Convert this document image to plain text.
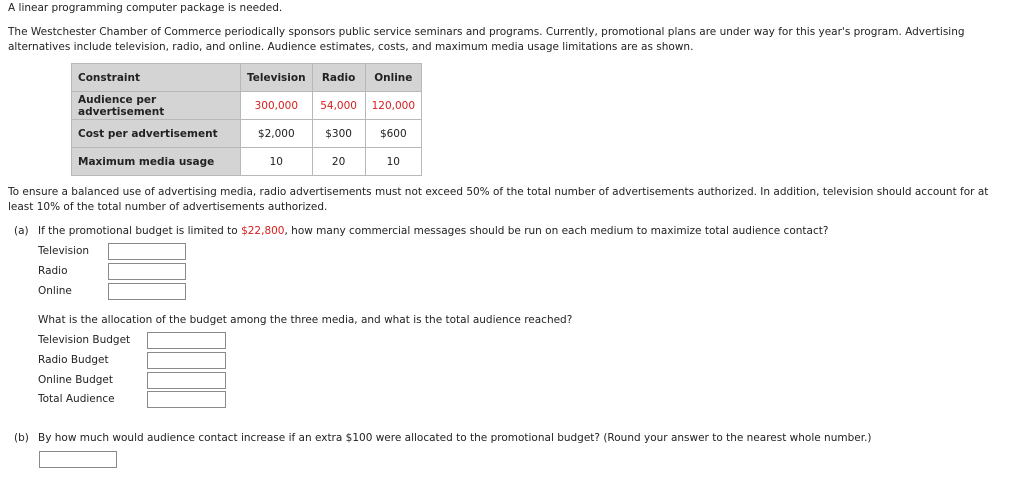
A linear programming computer package is needed.
The Westchester Chamber of Commerce periodically sponsors public service seminars and programs. Currently, promotional plans are under way for this year's program. Advertising alternatives include television, radio, and online. Audience estimates, costs, and maximum media usage limitations are as shown.
Constraint	Television	Radio	Online
Audience per advertisement	300,000	54,000	120,000
Cost per advertisement	$2,000	$300	$600
Maximum media usage	10	20	10
To ensure a balanced use of advertising media, radio advertisements must not exceed 50% of the total number of advertisements authorized. In addition, television should account for at least 10% of the total number of advertisements authorized.
(a) If the promotional budget is limited to $22,800, how many commercial messages should be run on each medium to maximize total audience contact?
Television
Radio
Online
What is the allocation of the budget among the three media, and what is the total audience reached?
Television Budget
Radio Budget
Online Budget
Total Audience
(b) By how much would audience contact increase if an extra $100 were allocated to the promotional budget? (Round your answer to the nearest whole number.)
